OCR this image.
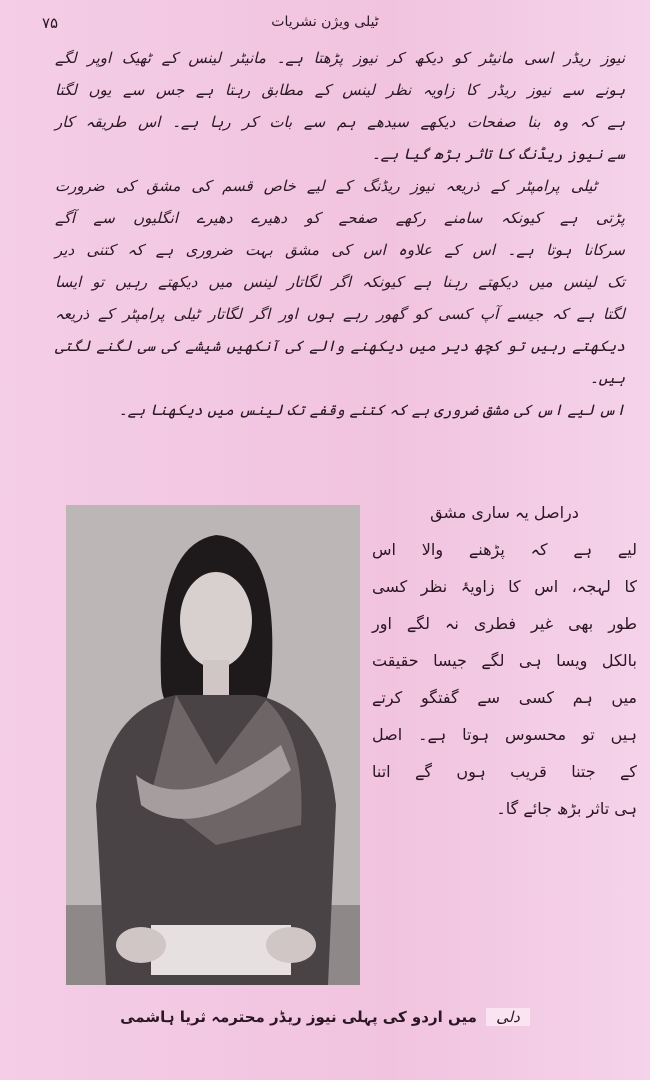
ٹیلی ویژن نشریات
۷۵
نیوز ریڈر اسی مانیٹر کو دیکھ کر نیوز پڑھتا ہے۔ مانیٹر لینس کے ٹھیک اوپر لگے
ہونے سے نیوز ریڈر کا زاویہ نظر لینس کے مطابق رہتا ہے جس سے یوں لگتا
ہے کہ وہ بنا صفحات دیکھے سیدھے ہم سے بات کر رہا ہے۔ اس طریقہ کار
سے نیوز ریڈنگ کا تاثر بڑھ گیا ہے۔
ٹیلی پرامپٹر کے ذریعہ نیوز ریڈنگ کے لیے خاص قسم کی مشق کی ضرورت
پڑتی ہے کیونکہ سامنے رکھے صفحے کو دھیرے دھیرے انگلیوں سے آگے
سرکانا ہوتا ہے۔ اس کے علاوہ اس کی مشق بہت ضروری ہے کہ کتنی دیر
تک لینس میں دیکھتے رہنا ہے کیونکہ اگر لگاتار لینس میں دیکھتے رہیں تو ایسا
لگتا ہے کہ جیسے آپ کسی کو گھور رہے ہوں اور اگر لگاتار ٹیلی پرامپٹر کے ذریعہ
دیکھتے رہیں تو کچھ دیر میں دیکھنے والے کی آنکھیں شیشے کی سی لگنے لگتی ہیں۔
اس لیے اس کی مشق ضروری ہے کہ کتنے وقفے تک لینس میں دیکھنا ہے۔
دراصل یہ ساری مشق
لیے ہے کہ پڑھنے والا اس
کا لہجہ، اس کا زاویۂ نظر کسی
طور بھی غیر فطری نہ لگے اور
بالکل ویسا ہی لگے جیسا حقیقت
میں ہم کسی سے گفتگو کرتے
ہیں تو محسوس ہوتا ہے۔ اصل
کے جتنا قریب ہوں گے اتنا
ہی تاثر بڑھ جائے گا۔
دلی میں اردو کی پہلی نیوز ریڈر محترمہ ثریا ہاشمی
